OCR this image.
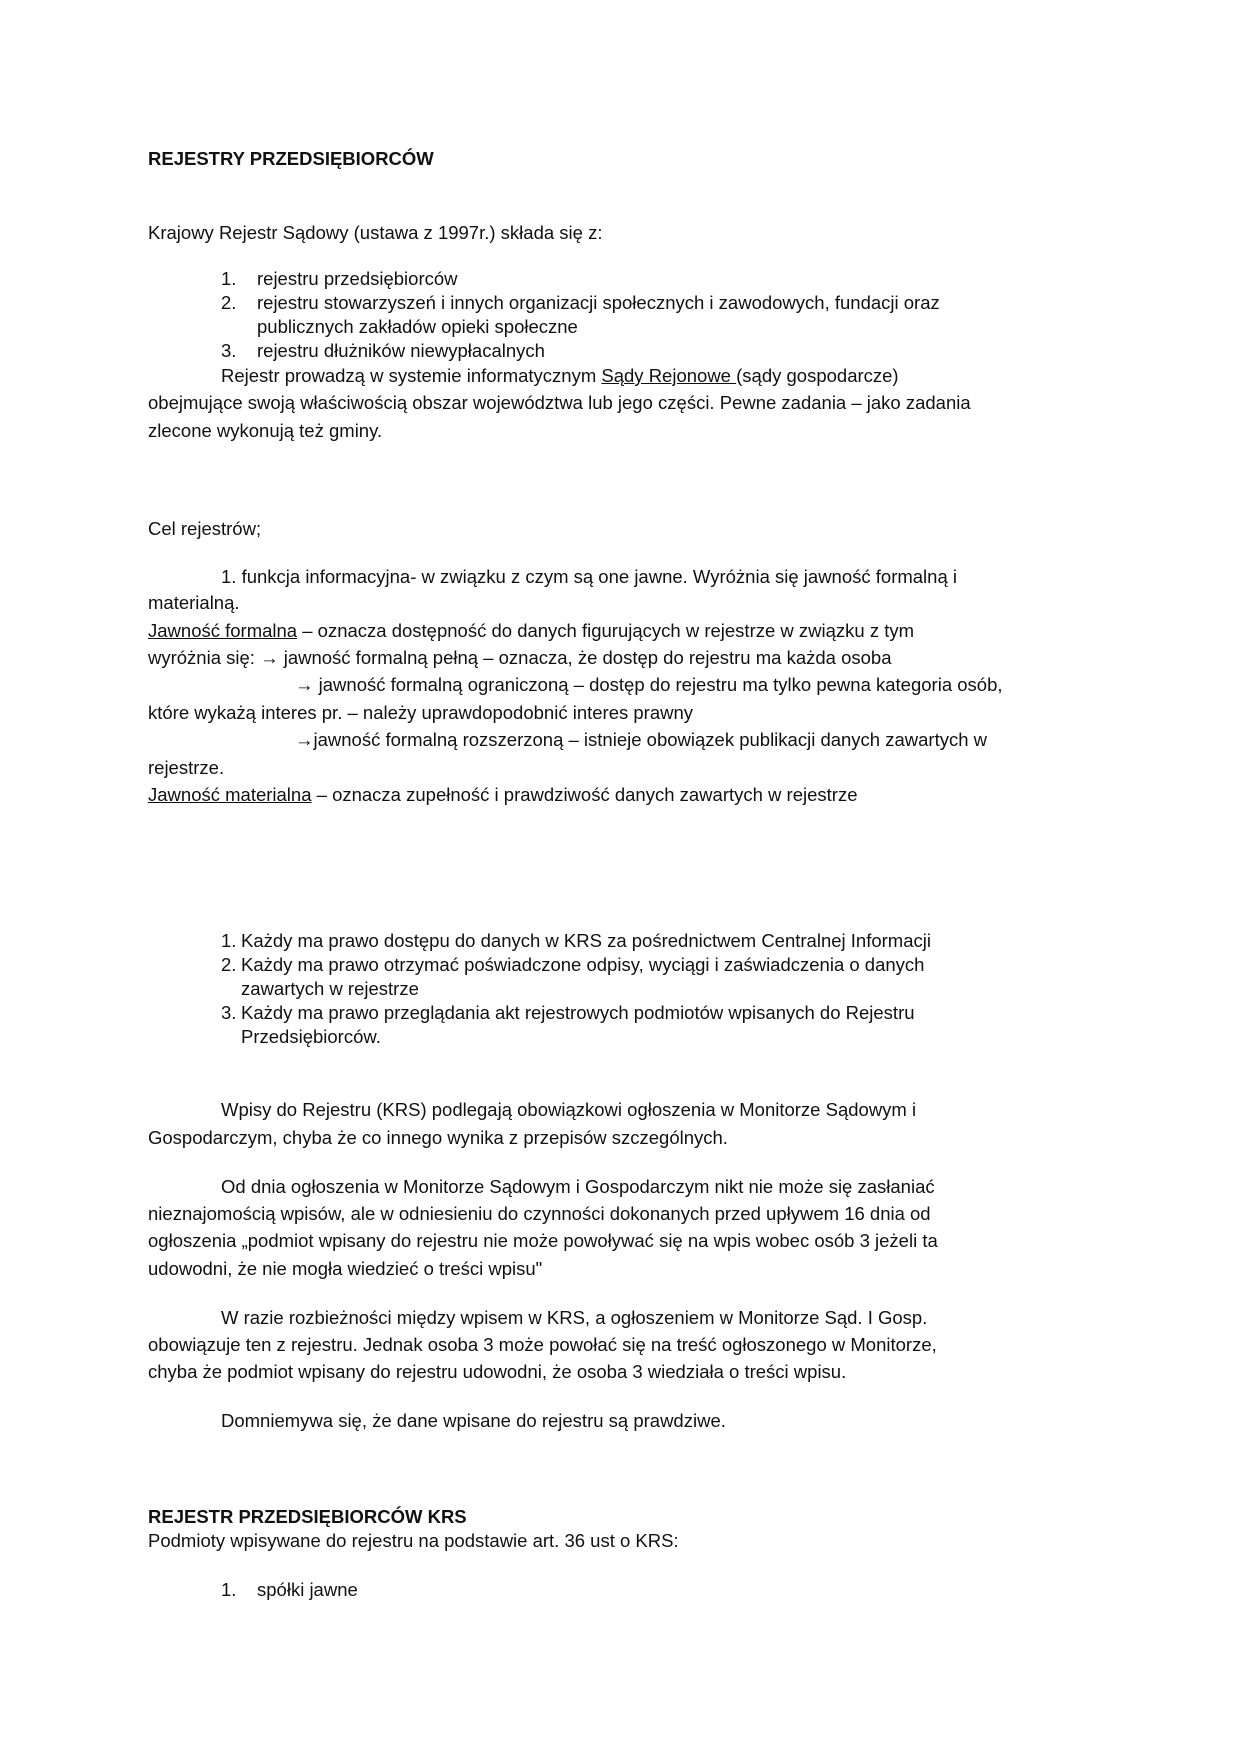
REJESTRY PRZEDSIĘBIORCÓW

Krajowy Rejestr Sądowy (ustawa z 1997r.) składa się z:

1. rejestru przedsiębiorców

2. rejestru stowarzyszeń i innych organizacji społecznych i zawodowych, fundacji oraz

publicznych zakładów opieki społeczne

3. rejestru dłużników niewypłacalnych

Rejestr prowadzą w systemie informatycznym Sądy Rejonowe (sądy gospodarcze)

obejmujące swoją właściwością obszar województwa lub jego części. Pewne zadania – jako zadania

zlecone wykonują też gminy.

Cel rejestrów;

1. funkcja informacyjna- w związku z czym są one jawne. Wyróżnia się jawność formalną i

materialną.

Jawność formalna – oznacza dostępność do danych figurujących w rejestrze w związku z tym

wyróżnia się: → jawność formalną pełną – oznacza, że dostęp do rejestru ma każda osoba

→ jawność formalną ograniczoną – dostęp do rejestru ma tylko pewna kategoria osób,

które wykażą interes pr. – należy uprawdopodobnić interes prawny

→jawność formalną rozszerzoną – istnieje obowiązek publikacji danych zawartych w

rejestrze.

Jawność materialna – oznacza zupełność i prawdziwość danych zawartych w rejestrze

1. Każdy ma prawo dostępu do danych w KRS za pośrednictwem Centralnej Informacji

2. Każdy ma prawo otrzymać poświadczone odpisy, wyciągi i zaświadczenia o danych

zawartych w rejestrze

3. Każdy ma prawo przeglądania akt rejestrowych podmiotów wpisanych do Rejestru

Przedsiębiorców.

Wpisy do Rejestru (KRS) podlegają obowiązkowi ogłoszenia w Monitorze Sądowym i

Gospodarczym, chyba że co innego wynika z przepisów szczególnych.

Od dnia ogłoszenia w Monitorze Sądowym i Gospodarczym nikt nie może się zasłaniać

nieznajomością wpisów, ale w odniesieniu do czynności dokonanych przed upływem 16 dnia od

ogłoszenia „podmiot wpisany do rejestru nie może powoływać się na wpis wobec osób 3 jeżeli ta

udowodni, że nie mogła wiedzieć o treści wpisu"

W razie rozbieżności między wpisem w KRS, a ogłoszeniem w Monitorze Sąd. I Gosp.

obowiązuje ten z rejestru. Jednak osoba 3 może powołać się na treść ogłoszonego w Monitorze,

chyba że podmiot wpisany do rejestru udowodni, że osoba 3 wiedziała o treści wpisu.

Domniemywa się, że dane wpisane do rejestru są prawdziwe.

REJESTR PRZEDSIĘBIORCÓW KRS

Podmioty wpisywane do rejestru na podstawie art. 36 ust o KRS:

1. spółki jawne
